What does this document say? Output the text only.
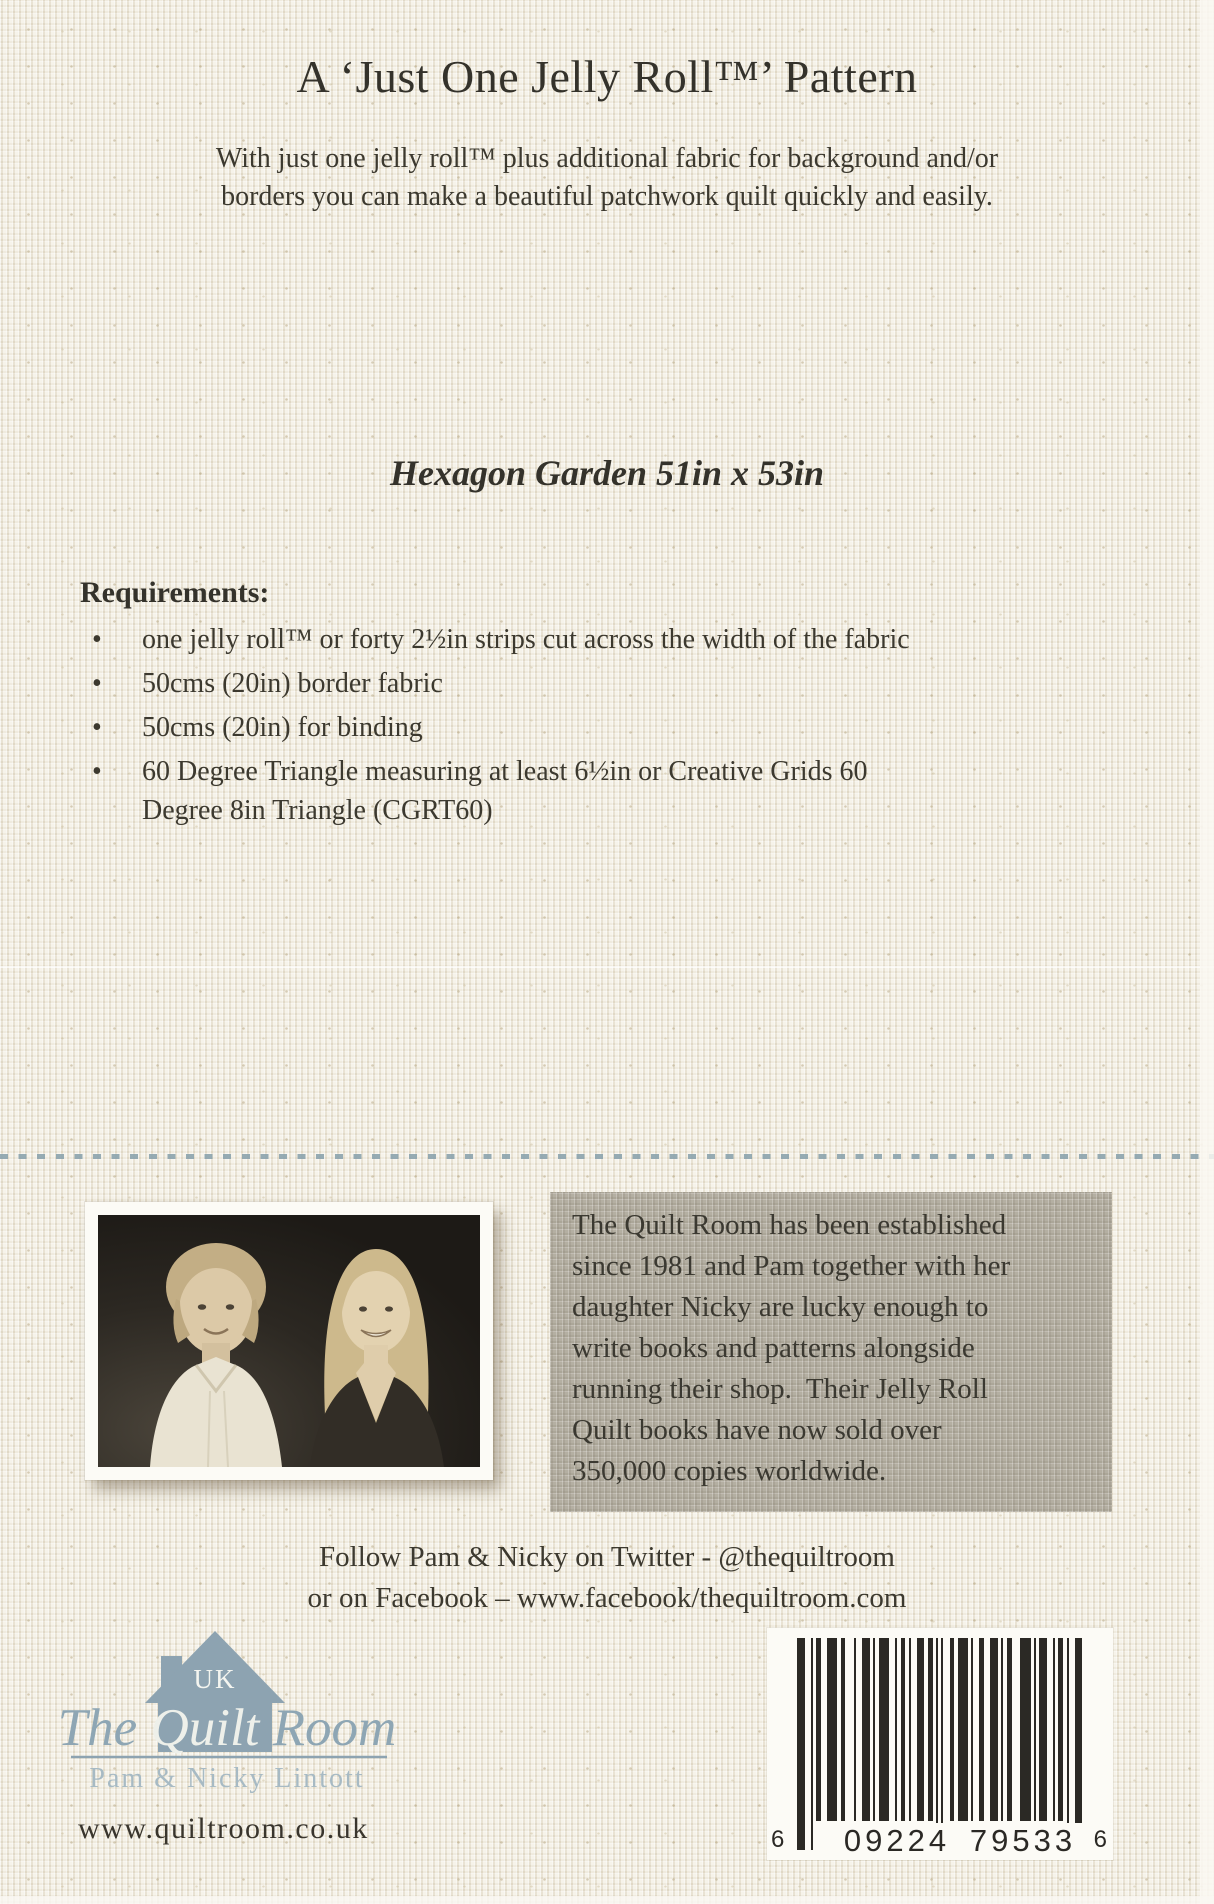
A ‘Just One Jelly Roll™’ Pattern
With just one jelly roll™ plus additional fabric for background and/or
borders you can make a beautiful patchwork quilt quickly and easily.
Hexagon Garden 51in x 53in
Requirements:
• one jelly roll™ or forty 2½in strips cut across the width of the fabric
• 50cms (20in) border fabric
• 50cms (20in) for binding
• 60 Degree Triangle measuring at least 6½in or Creative Grids 60
Degree 8in Triangle (CGRT60)
The Quilt Room has been established
since 1981 and Pam together with her
daughter Nicky are lucky enough to
write books and patterns alongside
running their shop.  Their Jelly Roll
Quilt books have now sold over
350,000 copies worldwide.
Follow Pam & Nicky on Twitter - @thequiltroom
or on Facebook – www.facebook/thequiltroom.com
UK
The Quilt Room
Pam & Nicky Lintott
www.quiltroom.co.uk	6 09224 79533 6
